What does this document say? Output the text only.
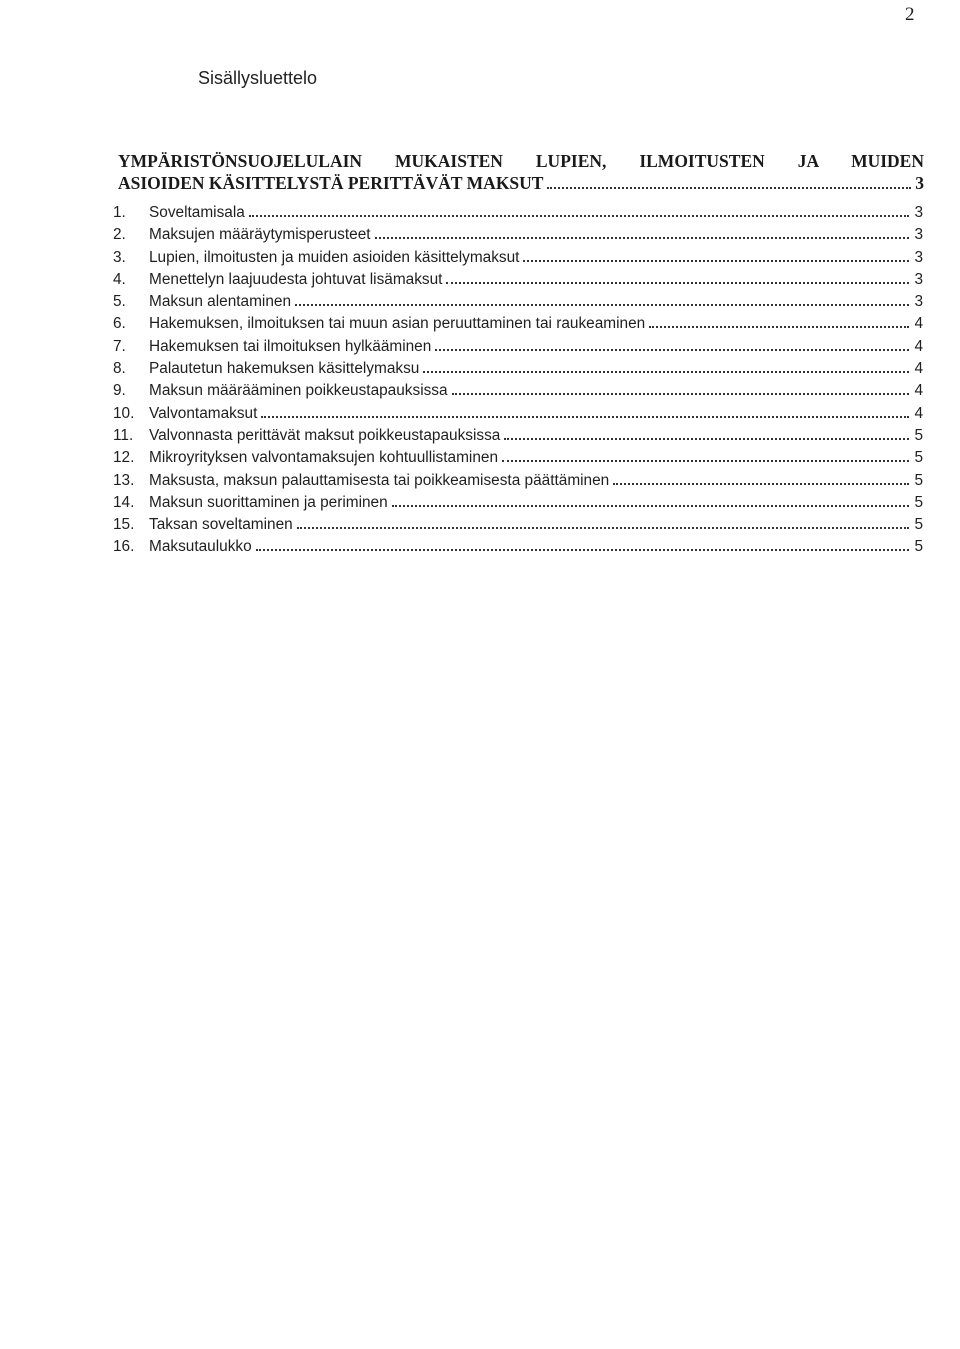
2
Sisällysluettelo
YMPÄRISTÖNSUOJELULAIN MUKAISTEN LUPIEN, ILMOITUSTEN JA MUIDEN
ASIOIDEN KÄSITTELYSTÄ PERITTÄVÄT MAKSUT	3
1.	Soveltamisala	3
2.	Maksujen määräytymisperusteet	3
3.	Lupien, ilmoitusten ja muiden asioiden käsittelymaksut	3
4.	Menettelyn laajuudesta johtuvat lisämaksut	3
5.	Maksun alentaminen	3
6.	Hakemuksen, ilmoituksen tai muun asian peruuttaminen tai raukeaminen	4
7.	Hakemuksen tai ilmoituksen hylkääminen	4
8.	Palautetun hakemuksen käsittelymaksu	4
9.	Maksun määrääminen poikkeustapauksissa	4
10. Valvontamaksut	4
11.	Valvonnasta perittävät maksut poikkeustapauksissa	5
12. Mikroyrityksen valvontamaksujen kohtuullistaminen	5
13. Maksusta, maksun palauttamisesta tai poikkeamisesta päättäminen	5
14. Maksun suorittaminen ja periminen	5
15. Taksan soveltaminen	5
16. Maksutaulukko	5
